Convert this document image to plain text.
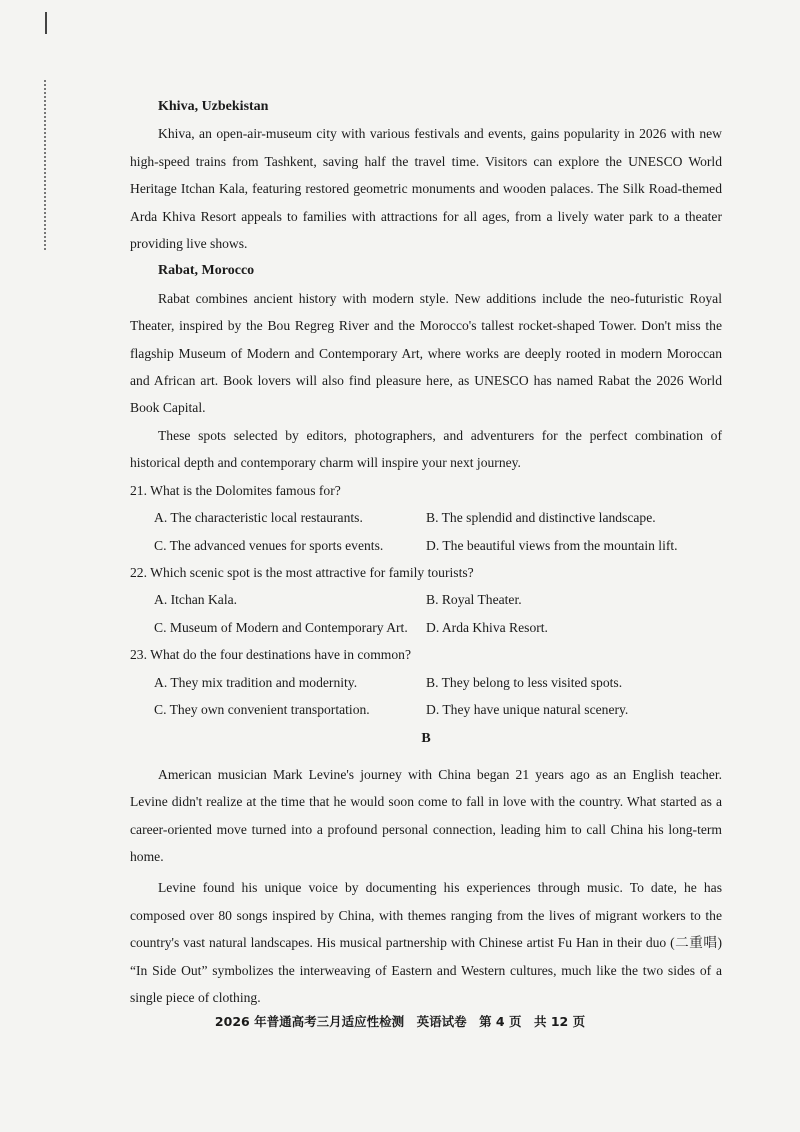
Khiva, Uzbekistan

Khiva, an open-air-museum city with various festivals and events, gains popularity in 2026 with new high-speed trains from Tashkent, saving half the travel time. Visitors can explore the UNESCO World Heritage Itchan Kala, featuring restored geometric monuments and wooden palaces. The Silk Road-themed Arda Khiva Resort appeals to families with attractions for all ages, from a lively water park to a theater providing live shows.

Rabat, Morocco

Rabat combines ancient history with modern style. New additions include the neo-futuristic Royal Theater, inspired by the Bou Regreg River and the Morocco's tallest rocket-shaped Tower. Don't miss the flagship Museum of Modern and Contemporary Art, where works are deeply rooted in modern Moroccan and African art. Book lovers will also find pleasure here, as UNESCO has named Rabat the 2026 World Book Capital.

These spots selected by editors, photographers, and adventurers for the perfect combination of historical depth and contemporary charm will inspire your next journey.

21. What is the Dolomites famous for?

A. The characteristic local restaurants.	B. The splendid and distinctive landscape.
C. The advanced venues for sports events.	D. The beautiful views from the mountain lift.

22. Which scenic spot is the most attractive for family tourists?

A. Itchan Kala.	B. Royal Theater.
C. Museum of Modern and Contemporary Art.	D. Arda Khiva Resort.

23. What do the four destinations have in common?

A. They mix tradition and modernity.	B. They belong to less visited spots.
C. They own convenient transportation.	D. They have unique natural scenery.

B

American musician Mark Levine's journey with China began 21 years ago as an English teacher. Levine didn't realize at the time that he would soon come to fall in love with the country. What started as a career-oriented move turned into a profound personal connection, leading him to call China his long-term home.

Levine found his unique voice by documenting his experiences through music. To date, he has composed over 80 songs inspired by China, with themes ranging from the lives of migrant workers to the country's vast natural landscapes. His musical partnership with Chinese artist Fu Han in their duo (二重唱) “In Side Out” symbolizes the interweaving of Eastern and Western cultures, much like the two sides of a single piece of clothing.

2026 年普通高考三月适应性检测　英语试卷　第 4 页　共 12 页
